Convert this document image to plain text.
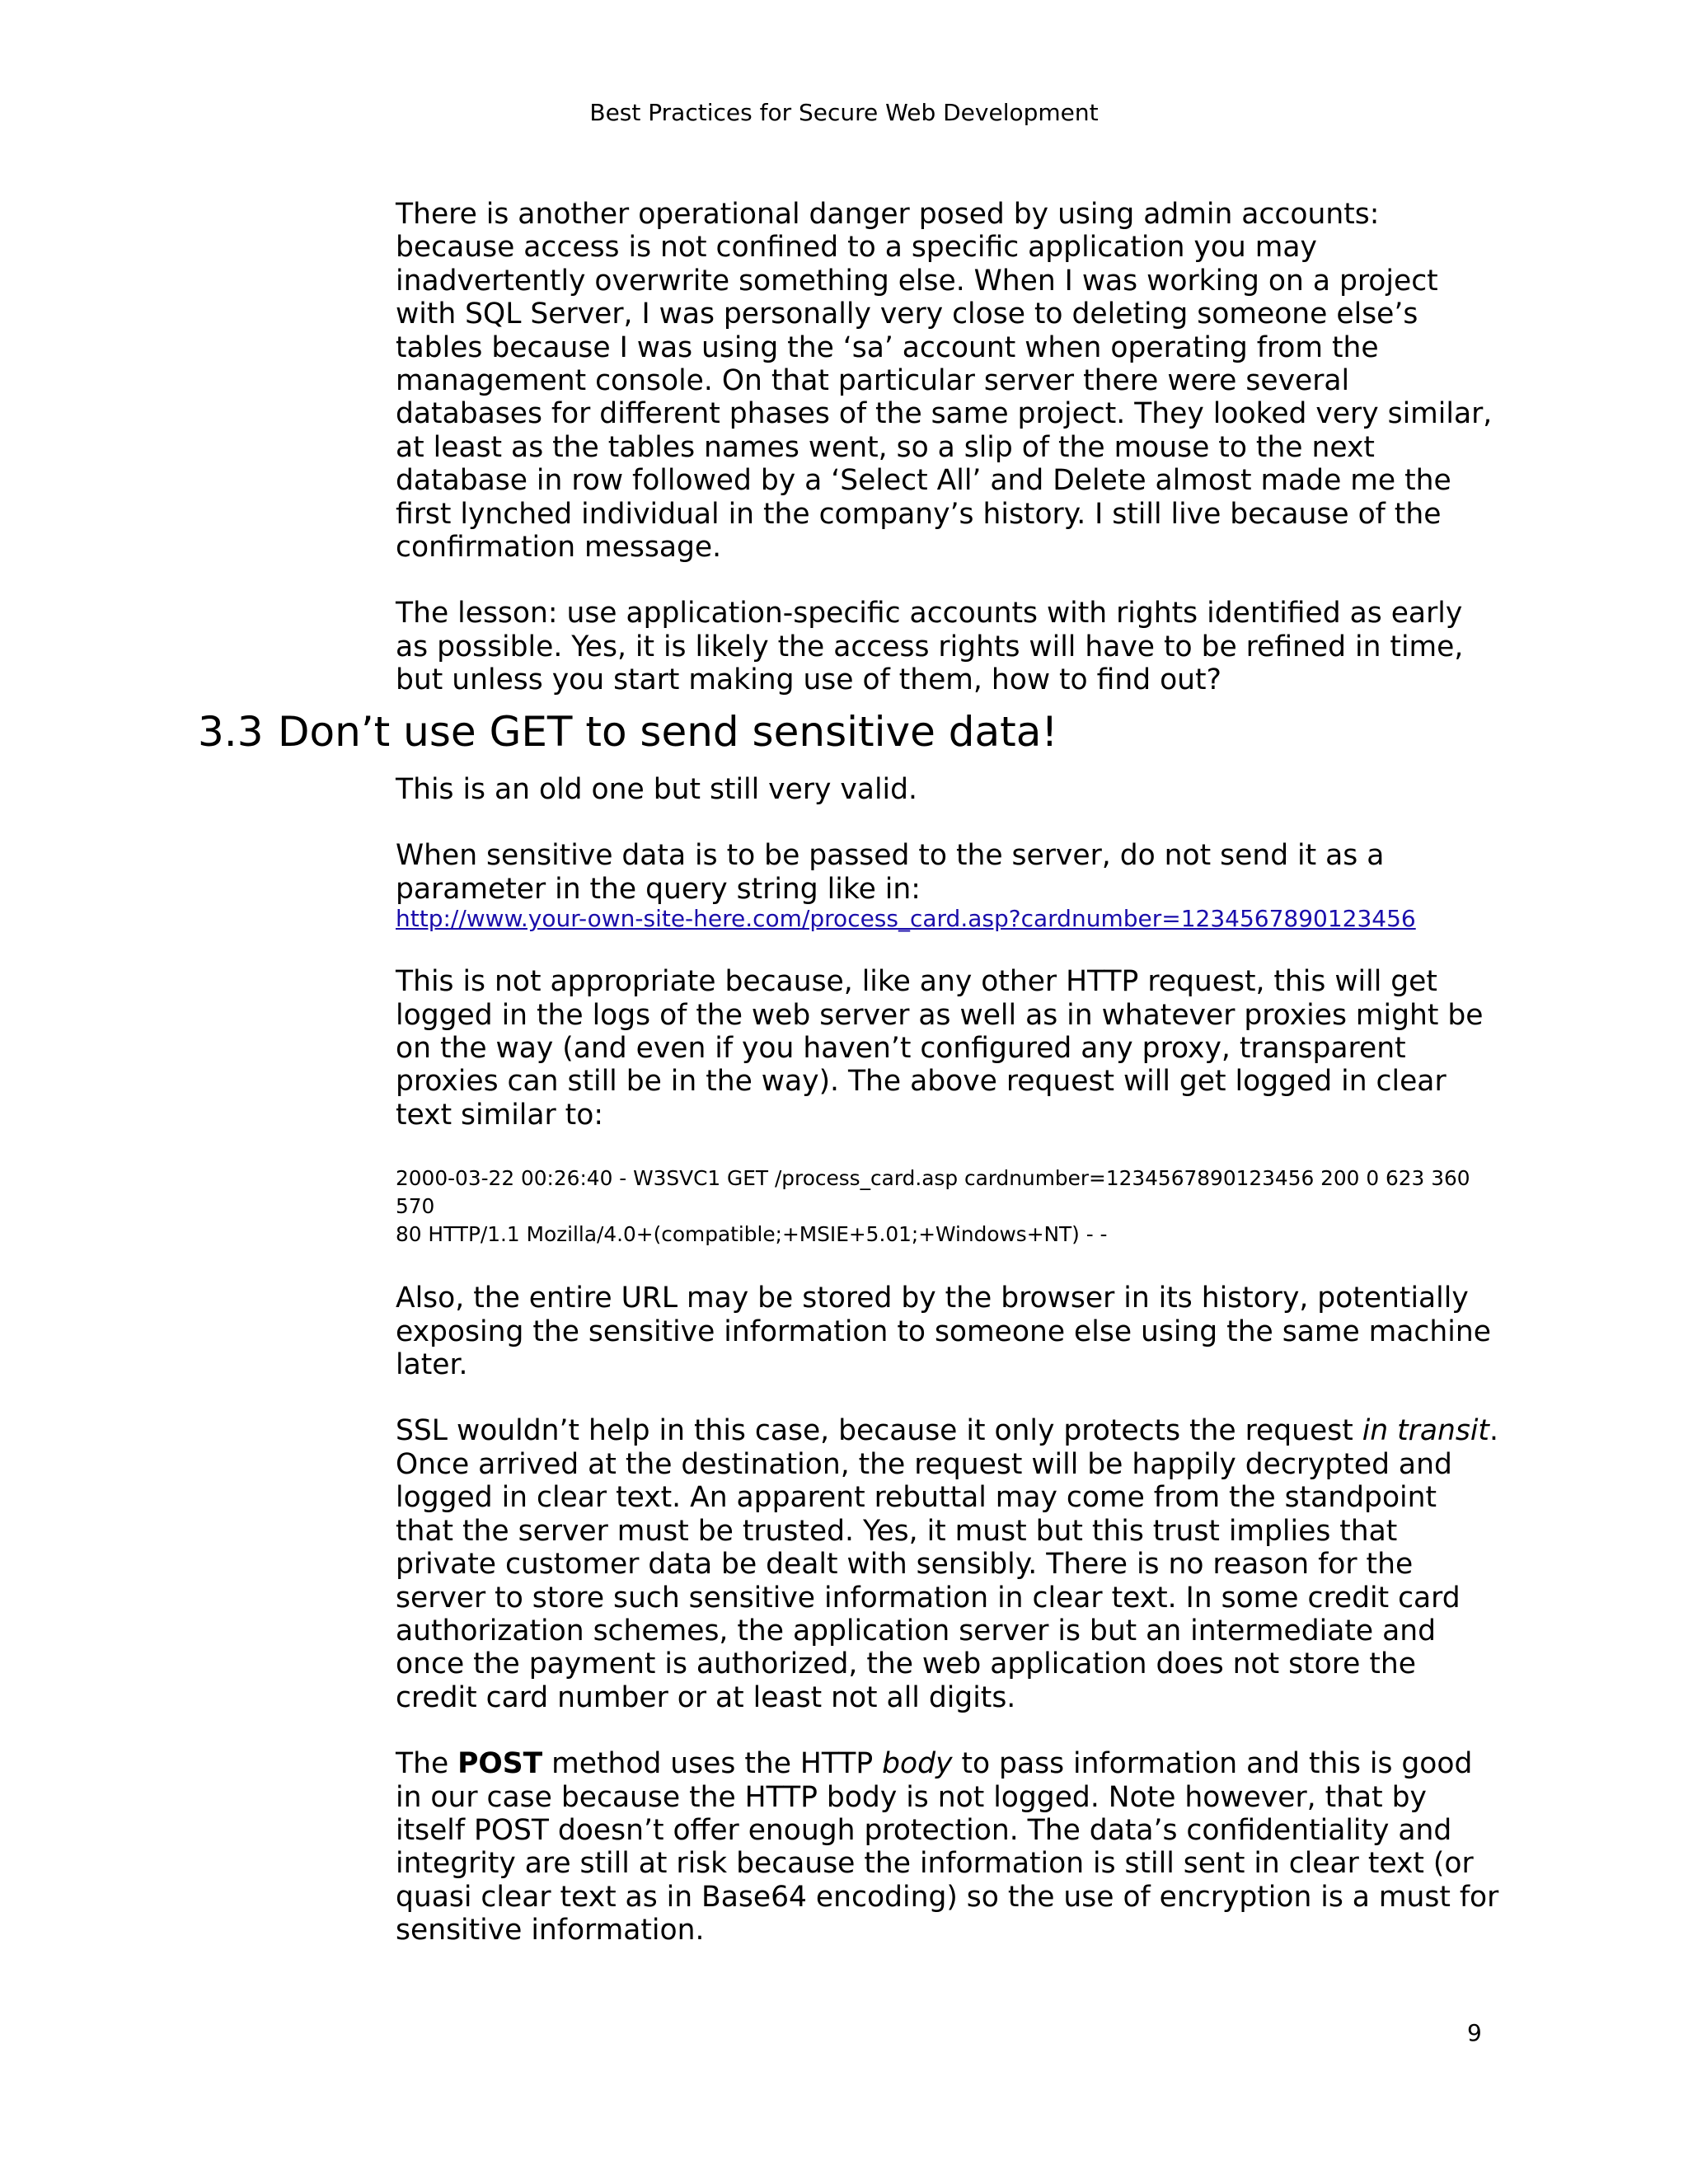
Best Practices for Secure Web Development

There is another operational danger posed by using admin accounts: because access is not confined to a specific application you may inadvertently overwrite something else. When I was working on a project with SQL Server, I was personally very close to deleting someone else’s tables because I was using the ‘sa’ account when operating from the management console. On that particular server there were several databases for different phases of the same project. They looked very similar, at least as the tables names went, so a slip of the mouse to the next database in row followed by a ‘Select All’ and Delete almost made me the first lynched individual in the company’s history. I still live because of the confirmation message.

The lesson: use application-specific accounts with rights identified as early as possible. Yes, it is likely the access rights will have to be refined in time, but unless you start making use of them, how to find out?

3.3 Don’t use GET to send sensitive data!

This is an old one but still very valid.

When sensitive data is to be passed to the server, do not send it as a parameter in the query string like in:

http://www.your-own-site-here.com/process_card.asp?cardnumber=1234567890123456

This is not appropriate because, like any other HTTP request, this will get logged in the logs of the web server as well as in whatever proxies might be on the way (and even if you haven’t configured any proxy, transparent proxies can still be in the way). The above request will get logged in clear text similar to:

2000-03-22 00:26:40 - W3SVC1 GET /process_card.asp cardnumber=1234567890123456 200 0 623 360 570

80 HTTP/1.1 Mozilla/4.0+(compatible;+MSIE+5.01;+Windows+NT) - -

Also, the entire URL may be stored by the browser in its history, potentially exposing the sensitive information to someone else using the same machine later.

SSL wouldn’t help in this case, because it only protects the request in transit. Once arrived at the destination, the request will be happily decrypted and logged in clear text. An apparent rebuttal may come from the standpoint that the server must be trusted. Yes, it must but this trust implies that private customer data be dealt with sensibly. There is no reason for the server to store such sensitive information in clear text. In some credit card authorization schemes, the application server is but an intermediate and once the payment is authorized, the web application does not store the credit card number or at least not all digits.

The POST method uses the HTTP body to pass information and this is good in our case because the HTTP body is not logged. Note however, that by itself POST doesn’t offer enough protection. The data’s confidentiality and integrity are still at risk because the information is still sent in clear text (or quasi clear text as in Base64 encoding) so the use of encryption is a must for sensitive information.

9
